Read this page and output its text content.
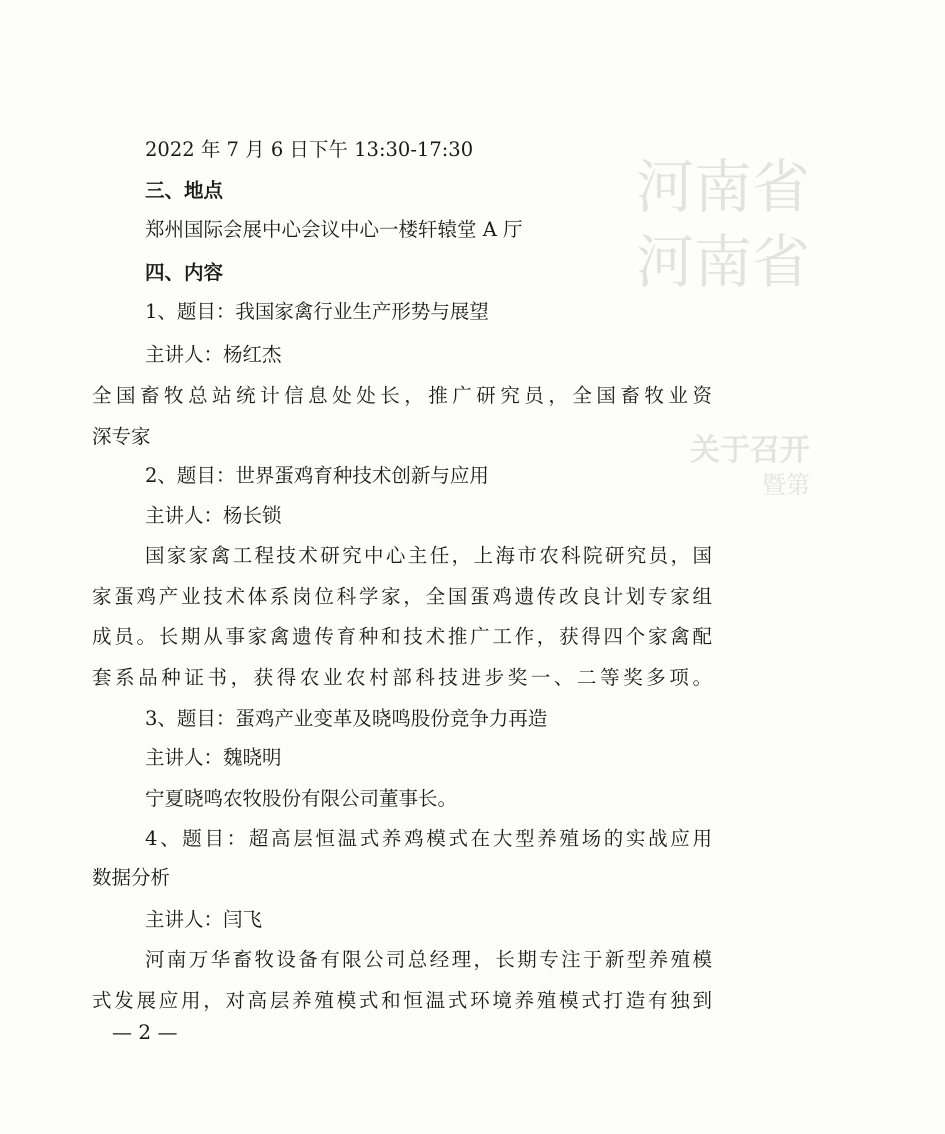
河南省
河南省
关于召开
暨第
2022 年 7 月 6 日下午 13:30-17:30
三、地点
郑州国际会展中心会议中心一楼轩辕堂 A 厅
四、内容
1、题目：我国家禽行业生产形势与展望
主讲人：杨红杰
全国畜牧总站统计信息处处长，推广研究员，全国畜牧业资
深专家
2、题目：世界蛋鸡育种技术创新与应用
主讲人：杨长锁
国家家禽工程技术研究中心主任，上海市农科院研究员，国
家蛋鸡产业技术体系岗位科学家，全国蛋鸡遗传改良计划专家组
成员。长期从事家禽遗传育种和技术推广工作，获得四个家禽配
套系品种证书，获得农业农村部科技进步奖一、二等奖多项。
3、题目：蛋鸡产业变革及晓鸣股份竞争力再造
主讲人：魏晓明
宁夏晓鸣农牧股份有限公司董事长。
4、题目：超高层恒温式养鸡模式在大型养殖场的实战应用
数据分析
主讲人：闫飞
河南万华畜牧设备有限公司总经理，长期专注于新型养殖模
式发展应用，对高层养殖模式和恒温式环境养殖模式打造有独到
— 2 —
